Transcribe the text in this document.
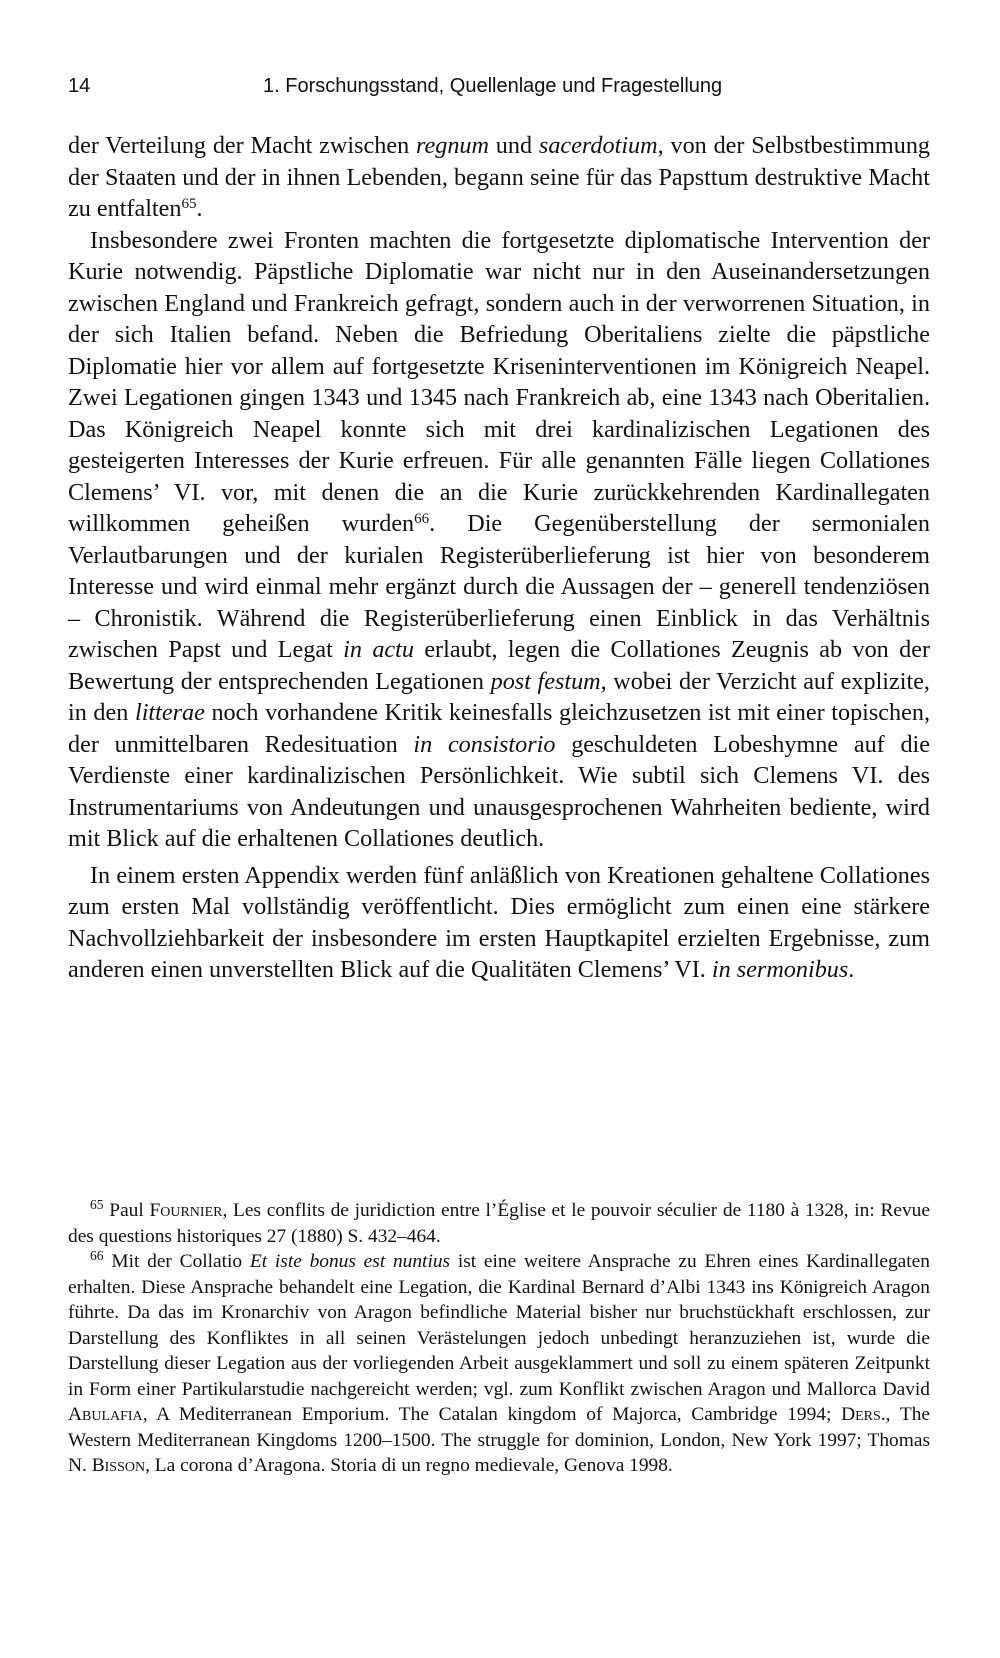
14	1. Forschungsstand, Quellenlage und Fragestellung

der Verteilung der Macht zwischen regnum und sacerdotium, von der Selbstbestimmung der Staaten und der in ihnen Lebenden, begann seine für das Papsttum destruktive Macht zu entfalten$^{65}$.

Insbesondere zwei Fronten machten die fortgesetzte diplomatische Intervention der Kurie notwendig. Päpstliche Diplomatie war nicht nur in den Auseinandersetzungen zwischen England und Frankreich gefragt, sondern auch in der verworrenen Situation, in der sich Italien befand. Neben die Befriedung Oberitaliens zielte die päpstliche Diplomatie hier vor allem auf fortgesetzte Kriseninterventionen im Königreich Neapel. Zwei Legationen gingen 1343 und 1345 nach Frankreich ab, eine 1343 nach Oberitalien. Das Königreich Neapel konnte sich mit drei kardinalizischen Legationen des gesteigerten Interesses der Kurie erfreuen. Für alle genannten Fälle liegen Collationes Clemens’ VI. vor, mit denen die an die Kurie zurückkehrenden Kardinallegaten willkommen geheißen wurden$^{66}$. Die Gegenüberstellung der sermonialen Verlautbarungen und der kurialen Registerüberlieferung ist hier von besonderem Interesse und wird einmal mehr ergänzt durch die Aussagen der – generell tendenziösen – Chronistik. Während die Registerüberlieferung einen Einblick in das Verhältnis zwischen Papst und Legat in actu erlaubt, legen die Collationes Zeugnis ab von der Bewertung der entsprechenden Legationen post festum, wobei der Verzicht auf explizite, in den litterae noch vorhandene Kritik keinesfalls gleichzusetzen ist mit einer topischen, der unmittelbaren Redesituation in consistorio geschuldeten Lobeshymne auf die Verdienste einer kardinalizischen Persönlichkeit. Wie subtil sich Clemens VI. des Instrumentariums von Andeutungen und unausgesprochenen Wahrheiten bediente, wird mit Blick auf die erhaltenen Collationes deutlich.

In einem ersten Appendix werden fünf anläßlich von Kreationen gehaltene Collationes zum ersten Mal vollständig veröffentlicht. Dies ermöglicht zum einen eine stärkere Nachvollziehbarkeit der insbesondere im ersten Hauptkapitel erzielten Ergebnisse, zum anderen einen unverstellten Blick auf die Qualitäten Clemens’ VI. in sermonibus.

$^{65}$ Paul Fournier, Les conflits de juridiction entre l’Église et le pouvoir séculier de 1180 à 1328, in: Revue des questions historiques 27 (1880) S. 432–464.

$^{66}$ Mit der Collatio Et iste bonus est nuntius ist eine weitere Ansprache zu Ehren eines Kardinallegaten erhalten. Diese Ansprache behandelt eine Legation, die Kardinal Bernard d’Albi 1343 ins Königreich Aragon führte. Da das im Kronarchiv von Aragon befindliche Material bisher nur bruchstückhaft erschlossen, zur Darstellung des Konfliktes in all seinen Verästelungen jedoch unbedingt heranzuziehen ist, wurde die Darstellung dieser Legation aus der vorliegenden Arbeit ausgeklammert und soll zu einem späteren Zeitpunkt in Form einer Partikularstudie nachgereicht werden; vgl. zum Konflikt zwischen Aragon und Mallorca David Abulafia, A Mediterranean Emporium. The Catalan kingdom of Majorca, Cambridge 1994; Ders., The Western Mediterranean Kingdoms 1200–1500. The struggle for dominion, London, New York 1997; Thomas N. Bisson, La corona d’Aragona. Storia di un regno medievale, Genova 1998.
